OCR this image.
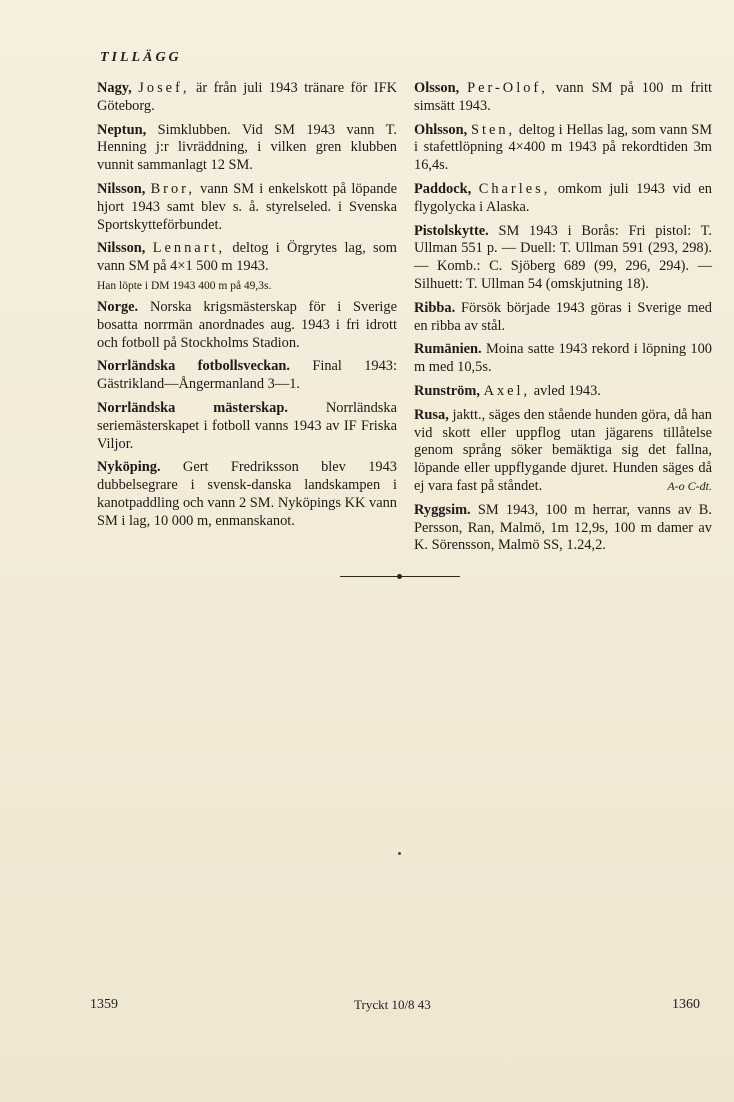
TILLÄGG

Nagy, Josef, är från juli 1943 tränare för IFK Göteborg.

Neptun, Simklubben. Vid SM 1943 vann T. Henning j:r livräddning, i vilken gren klubben vunnit sammanlagt 12 SM.

Nilsson, Bror, vann SM i enkelskott på löpande hjort 1943 samt blev s. å. styrelseled. i Svenska Sportskytteförbundet.

Nilsson, Lennart, deltog i Örgrytes lag, som vann SM på 4×1 500 m 1943.

Han löpte i DM 1943 400 m på 49,3s.

Norge. Norska krigsmästerskap för i Sverige bosatta norrmän anordnades aug. 1943 i fri idrott och fotboll på Stockholms Stadion.

Norrländska fotbollsveckan. Final 1943: Gästrikland—Ångermanland 3—1.

Norrländska mästerskap. Norrländska seriemästerskapet i fotboll vanns 1943 av IF Friska Viljor.

Nyköping. Gert Fredriksson blev 1943 dubbelsegrare i svensk-danska landskampen i kanotpaddling och vann 2 SM. Nyköpings KK vann SM i lag, 10 000 m, enmanskanot.

Olsson, Per-Olof, vann SM på 100 m fritt simsätt 1943.

Ohlsson, Sten, deltog i Hellas lag, som vann SM i stafettlöpning 4×400 m 1943 på rekordtiden 3m 16,4s.

Paddock, Charles, omkom juli 1943 vid en flygolycka i Alaska.

Pistolskytte. SM 1943 i Borås: Fri pistol: T. Ullman 551 p. — Duell: T. Ullman 591 (293, 298). — Komb.: C. Sjöberg 689 (99, 296, 294). — Silhuett: T. Ullman 54 (omskjutning 18).

Ribba. Försök började 1943 göras i Sverige med en ribba av stål.

Rumänien. Moina satte 1943 rekord i löpning 100 m med 10,5s.

Runström, Axel, avled 1943.

Rusa, jaktt., säges den stående hunden göra, då han vid skott eller uppflog utan jägarens tillåtelse genom språng söker bemäktiga sig det fallna, löpande eller uppflygande djuret. Hunden säges då ej vara fast på ståndet.	A-o C-dt.

Ryggsim. SM 1943, 100 m herrar, vanns av B. Persson, Ran, Malmö, 1m 12,9s, 100 m damer av K. Sörensson, Malmö SS, 1.24,2.

1359	Tryckt 10/8 43	1360
